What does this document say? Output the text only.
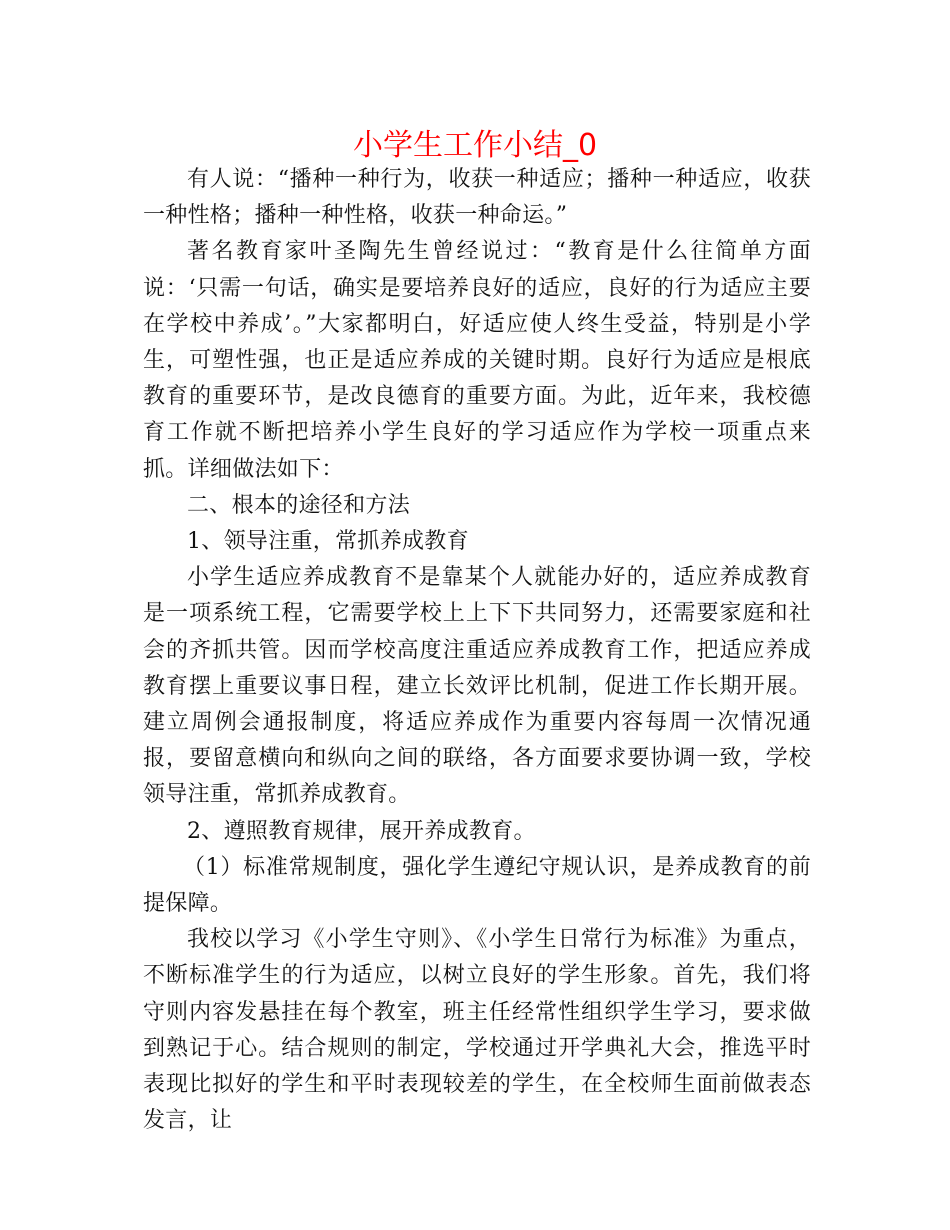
小学生工作小结_0

有人说：“播种一种行为，收获一种适应；播种一种适应，收获一种性格；播种一种性格，收获一种命运。”

著名教育家叶圣陶先生曾经说过：“教育是什么往简单方面说：‘只需一句话，确实是要培养良好的适应，良好的行为适应主要在学校中养成’。”大家都明白，好适应使人终生受益，特别是小学生，可塑性强，也正是适应养成的关键时期。良好行为适应是根底教育的重要环节，是改良德育的重要方面。为此，近年来，我校德育工作就不断把培养小学生良好的学习适应作为学校一项重点来抓。详细做法如下：

二、根本的途径和方法

1、领导注重，常抓养成教育

小学生适应养成教育不是靠某个人就能办好的，适应养成教育是一项系统工程，它需要学校上上下下共同努力，还需要家庭和社会的齐抓共管。因而学校高度注重适应养成教育工作，把适应养成教育摆上重要议事日程，建立长效评比机制，促进工作长期开展。建立周例会通报制度，将适应养成作为重要内容每周一次情况通报，要留意横向和纵向之间的联络，各方面要求要协调一致，学校领导注重，常抓养成教育。

2、遵照教育规律，展开养成教育。

（1）标准常规制度，强化学生遵纪守规认识，是养成教育的前提保障。

我校以学习《小学生守则》、《小学生日常行为标准》为重点，不断标准学生的行为适应，以树立良好的学生形象。首先，我们将守则内容发悬挂在每个教室，班主任经常性组织学生学习，要求做到熟记于心。结合规则的制定，学校通过开学典礼大会，推选平时表现比拟好的学生和平时表现较差的学生，在全校师生面前做表态发言，让
